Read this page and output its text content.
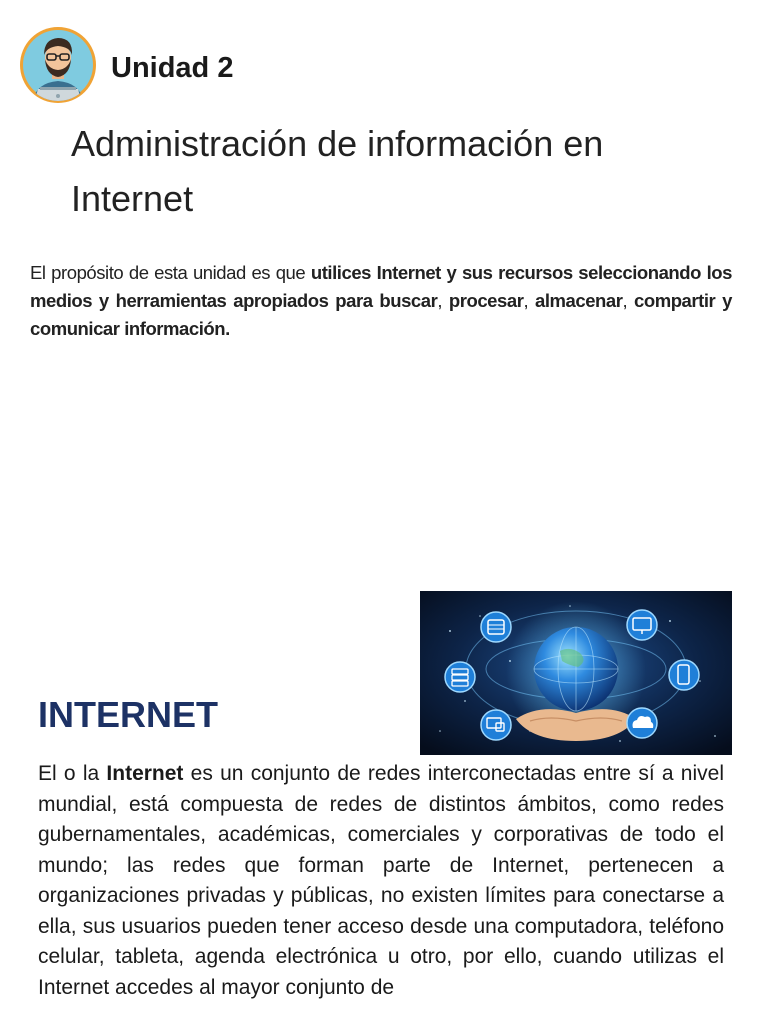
Unidad 2
Administración de información en Internet
El propósito de esta unidad es que utilices Internet y sus recursos seleccionando los medios y herramientas apropiados para buscar, procesar, almacenar, compartir y comunicar información.
INTERNET
El o la Internet es un conjunto de redes interconectadas entre sí a nivel mundial, está compuesta de redes de distintos ámbitos, como redes gubernamentales, académicas, comerciales y corporativas de todo el mundo; las redes que forman parte de Internet, pertenecen a organizaciones privadas y públicas, no existen límites para conectarse a ella, sus usuarios pueden tener acceso desde una computadora, teléfono celular, tableta, agenda electrónica u otro, por ello, cuando utilizas el Internet accedes al mayor conjunto de
